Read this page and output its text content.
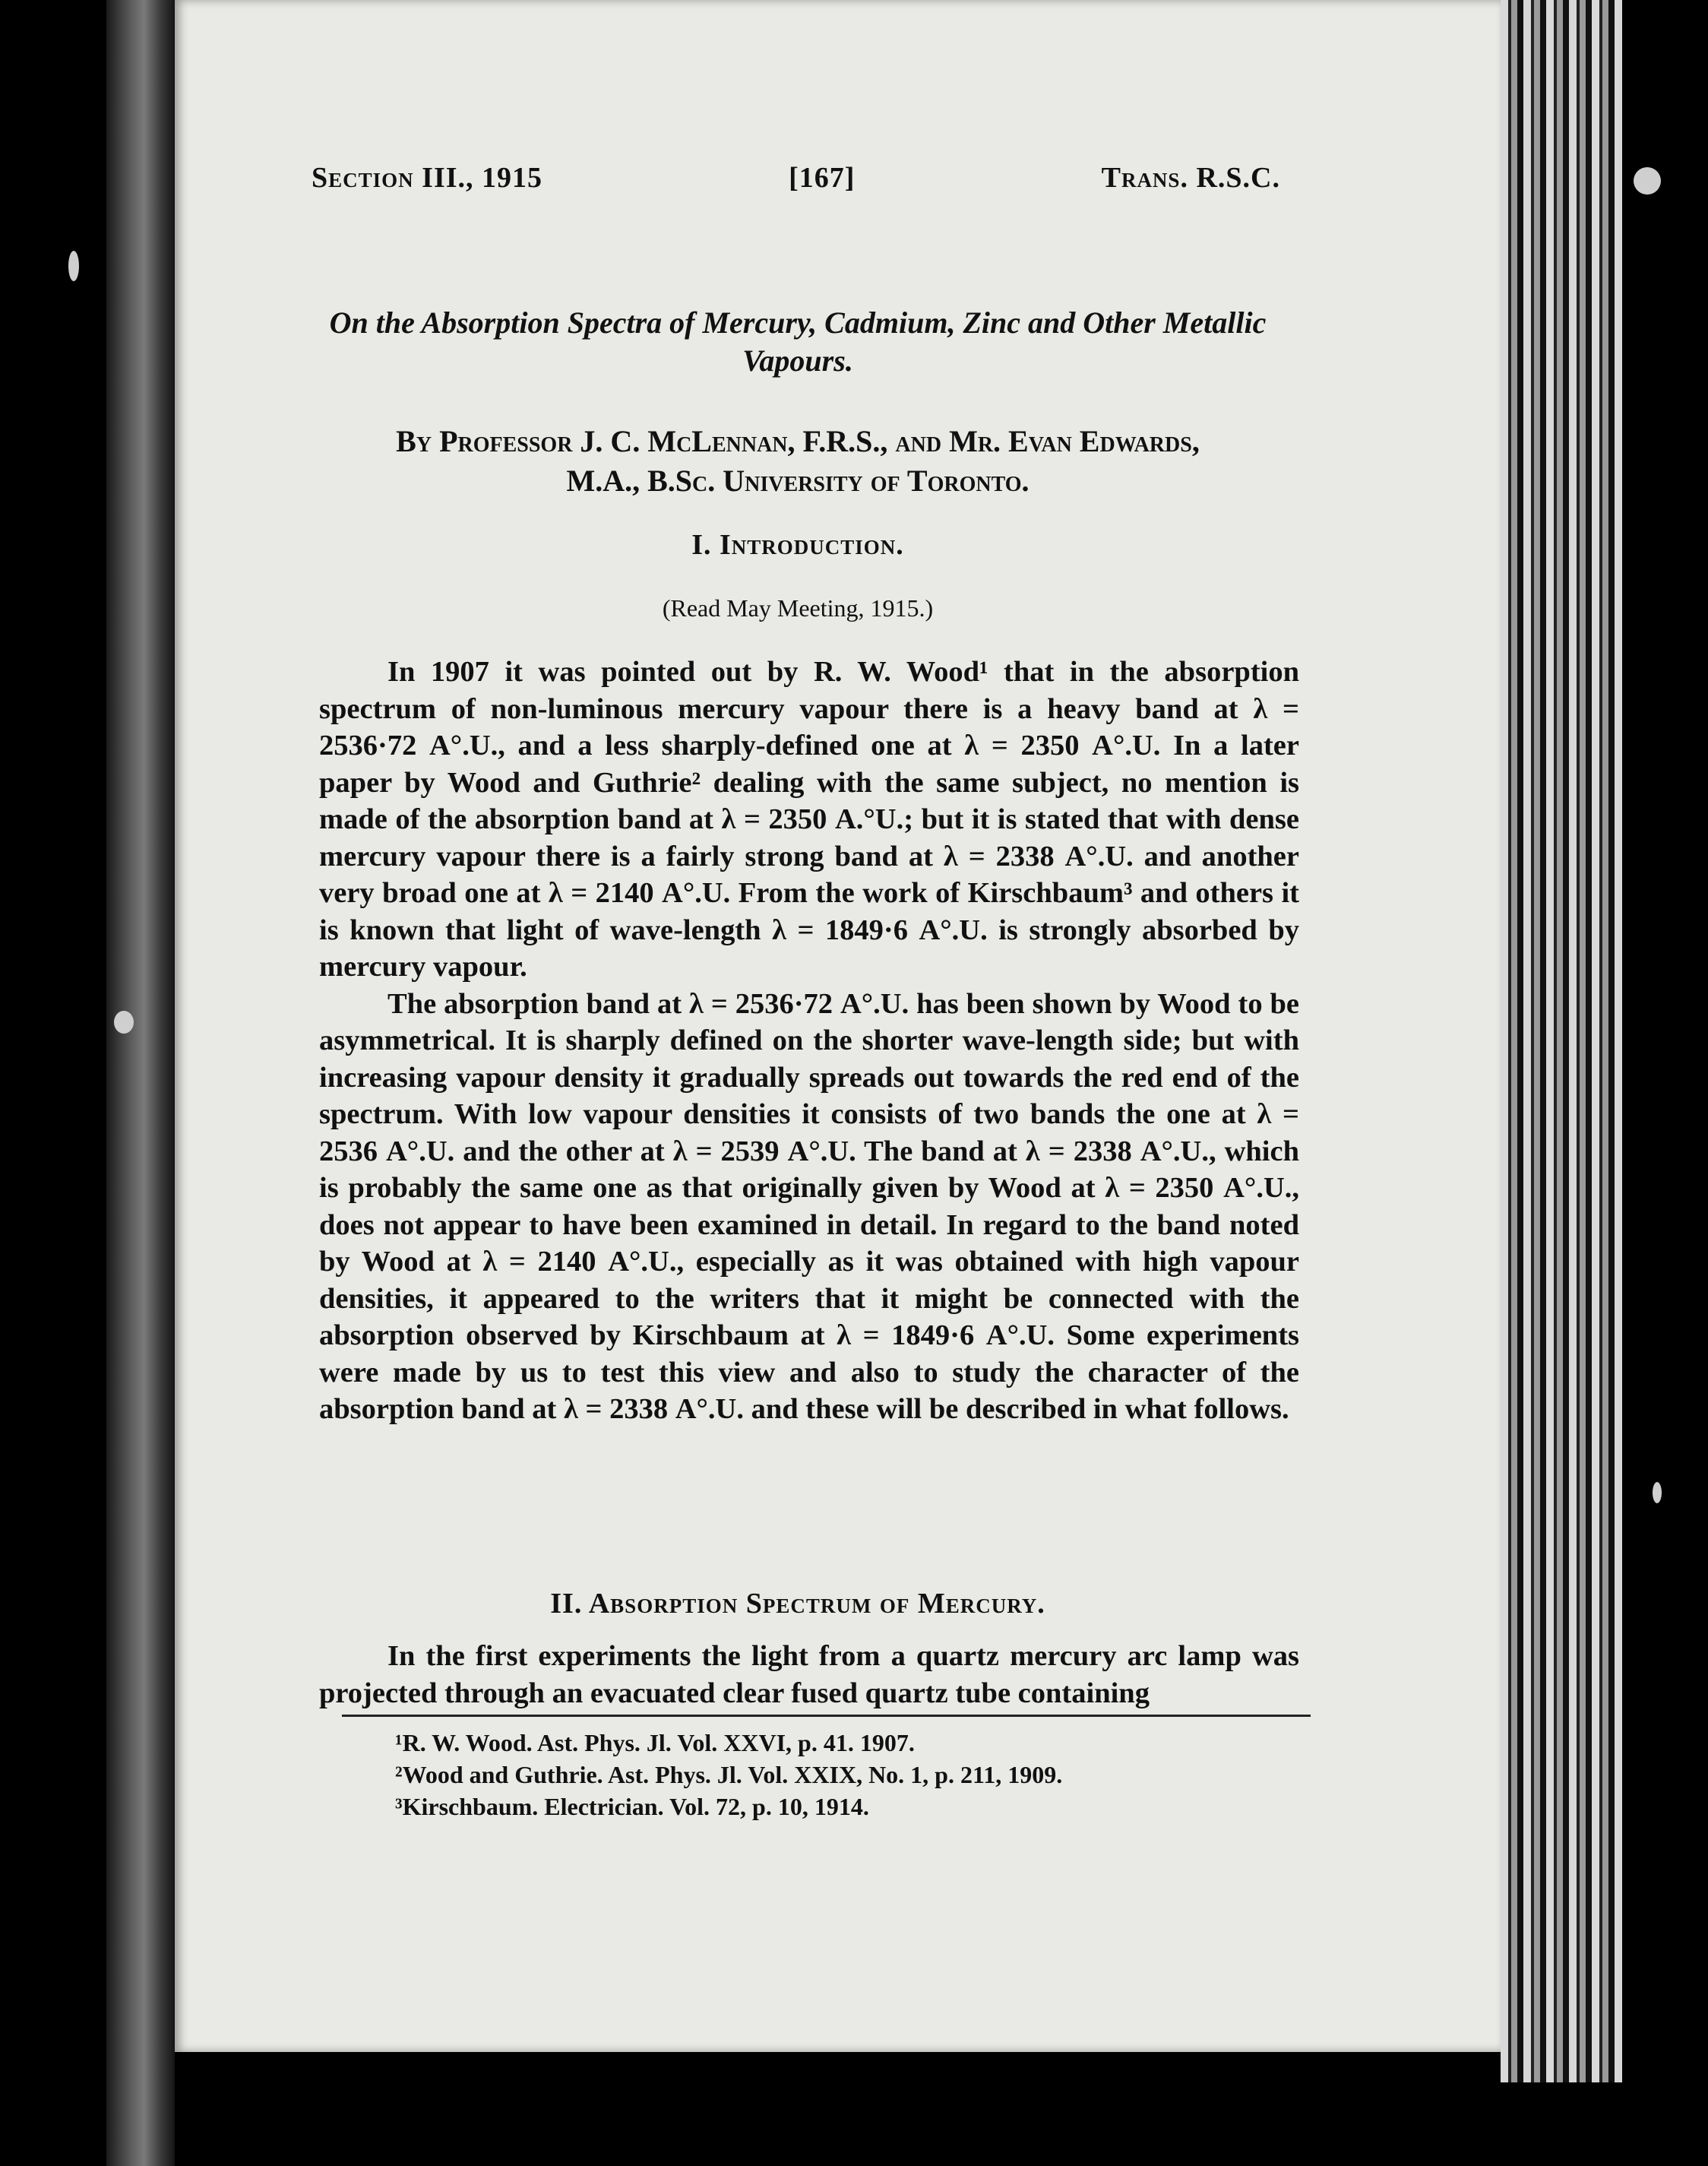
Section III., 1915	[167]	Trans. R.S.C.
On the Absorption Spectra of Mercury, Cadmium, Zinc and Other Metallic Vapours.
By Professor J. C. McLennan, F.R.S., and Mr. Evan Edwards,
M.A., B.Sc. University of Toronto.
I. Introduction.
(Read May Meeting, 1915.)

In 1907 it was pointed out by R. W. Wood¹ that in the absorption spectrum of non-luminous mercury vapour there is a heavy band at λ = 2536·72 A°.U., and a less sharply-defined one at λ = 2350 A°.U. In a later paper by Wood and Guthrie² dealing with the same subject, no mention is made of the absorption band at λ = 2350 A.°U.; but it is stated that with dense mercury vapour there is a fairly strong band at λ = 2338 A°.U. and another very broad one at λ = 2140 A°.U. From the work of Kirschbaum³ and others it is known that light of wave-length λ = 1849·6 A°.U. is strongly absorbed by mercury vapour.

The absorption band at λ = 2536·72 A°.U. has been shown by Wood to be asymmetrical. It is sharply defined on the shorter wave-length side; but with increasing vapour density it gradually spreads out towards the red end of the spectrum. With low vapour densities it consists of two bands the one at λ = 2536 A°.U. and the other at λ = 2539 A°.U. The band at λ = 2338 A°.U., which is probably the same one as that originally given by Wood at λ = 2350 A°.U., does not appear to have been examined in detail. In regard to the band noted by Wood at λ = 2140 A°.U., especially as it was obtained with high vapour densities, it appeared to the writers that it might be connected with the absorption observed by Kirschbaum at λ = 1849·6 A°.U. Some experiments were made by us to test this view and also to study the character of the absorption band at λ = 2338 A°.U. and these will be described in what follows.

II. Absorption Spectrum of Mercury.

In the first experiments the light from a quartz mercury arc lamp was projected through an evacuated clear fused quartz tube containing

¹R. W. Wood. Ast. Phys. Jl. Vol. XXVI, p. 41. 1907.
²Wood and Guthrie. Ast. Phys. Jl. Vol. XXIX, No. 1, p. 211, 1909.
³Kirschbaum. Electrician. Vol. 72, p. 10, 1914.
